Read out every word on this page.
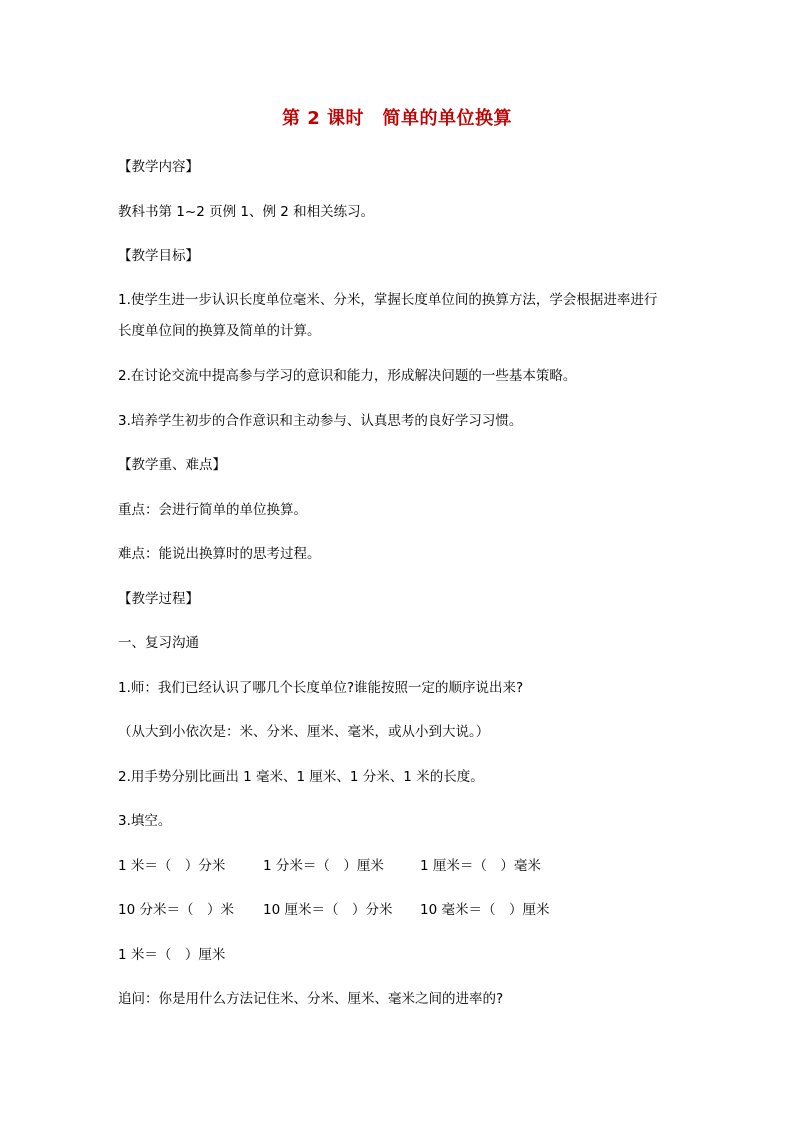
第 2 课时　简单的单位换算
【教学内容】
教科书第 1~2 页例 1、例 2 和相关练习。
【教学目标】
1.使学生进一步认识长度单位毫米、分米，掌握长度单位间的换算方法，学会根据进率进行
长度单位间的换算及简单的计算。
2.在讨论交流中提高参与学习的意识和能力，形成解决问题的一些基本策略。
3.培养学生初步的合作意识和主动参与、认真思考的良好学习习惯。
【教学重、难点】
重点：会进行简单的单位换算。
难点：能说出换算时的思考过程。
【教学过程】
一、复习沟通
1.师：我们已经认识了哪几个长度单位?谁能按照一定的顺序说出来?
（从大到小依次是：米、分米、厘米、毫米，或从小到大说。）
2.用手势分别比画出 1 毫米、1 厘米、1 分米、1 米的长度。
3.填空。
1 米＝（　）分米	1 分米＝（　）厘米	1 厘米＝（　）毫米
10 分米＝（　）米 10 厘米＝（　）分米 10 毫米＝（　）厘米
1 米＝（　）厘米
追问：你是用什么方法记住米、分米、厘米、毫米之间的进率的?
